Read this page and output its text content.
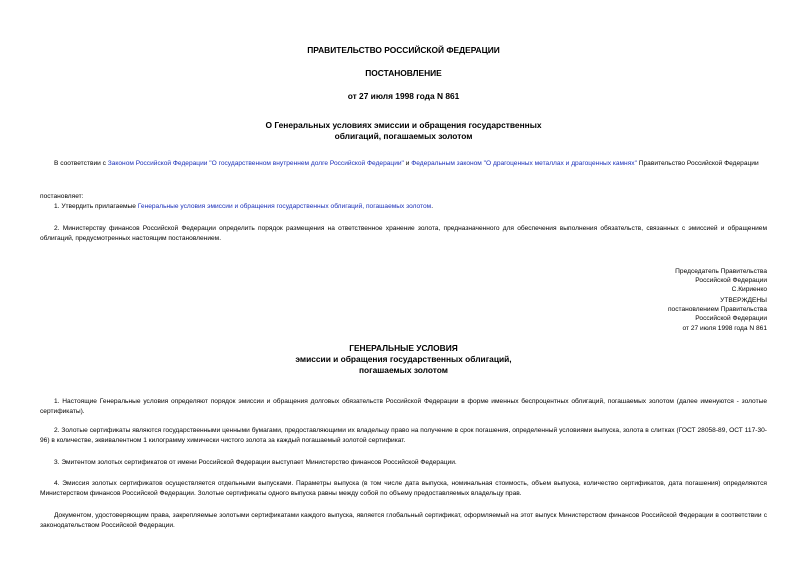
ПРАВИТЕЛЬСТВО РОССИЙСКОЙ ФЕДЕРАЦИИ
ПОСТАНОВЛЕНИЕ
от 27 июля 1998 года N 861
О Генеральных условиях эмиссии и обращения государственных
облигаций, погашаемых золотом

В соответствии с Законом Российской Федерации "О государственном внутреннем долге Российской Федерации" и Федеральным законом "О драгоценных металлах и драгоценных камнях" Правительство Российской Федерации

постановляет:

1. Утвердить прилагаемые Генеральные условия эмиссии и обращения государственных облигаций, погашаемых золотом.

2. Министерству финансов Российской Федерации определить порядок размещения на ответственное хранение золота, предназначенного для обеспечения выполнения обязательств, связанных с эмиссией и обращением облигаций, предусмотренных настоящим постановлением.

Председатель Правительства
Российской Федерации
С.Кириенко
УТВЕРЖДЕНЫ
постановлением Правительства
Российской Федерации
от 27 июля 1998 года N 861
ГЕНЕРАЛЬНЫЕ УСЛОВИЯ
эмиссии и обращения государственных облигаций,
погашаемых золотом

1. Настоящие Генеральные условия определяют порядок эмиссии и обращения долговых обязательств Российской Федерации в форме именных беспроцентных облигаций, погашаемых золотом (далее именуются - золотые сертификаты).

2. Золотые сертификаты являются государственными ценными бумагами, предоставляющими их владельцу право на получение в срок погашения, определенный условиями выпуска, золота в слитках (ГОСТ 28058-89, ОСТ 117-30-96) в количестве, эквивалентном 1 килограмму химически чистого золота за каждый погашаемый золотой сертификат.

3. Эмитентом золотых сертификатов от имени Российской Федерации выступает Министерство финансов Российской Федерации.

4. Эмиссия золотых сертификатов осуществляется отдельными выпусками. Параметры выпуска (в том числе дата выпуска, номинальная стоимость, объем выпуска, количество сертификатов, дата погашения) определяются Министерством финансов Российской Федерации. Золотые сертификаты одного выпуска равны между собой по объему предоставляемых владельцу прав.

Документом, удостоверяющим права, закрепляемые золотыми сертификатами каждого выпуска, является глобальный сертификат, оформляемый на этот выпуск Министерством финансов Российской Федерации в соответствии с законодательством Российской Федерации.
